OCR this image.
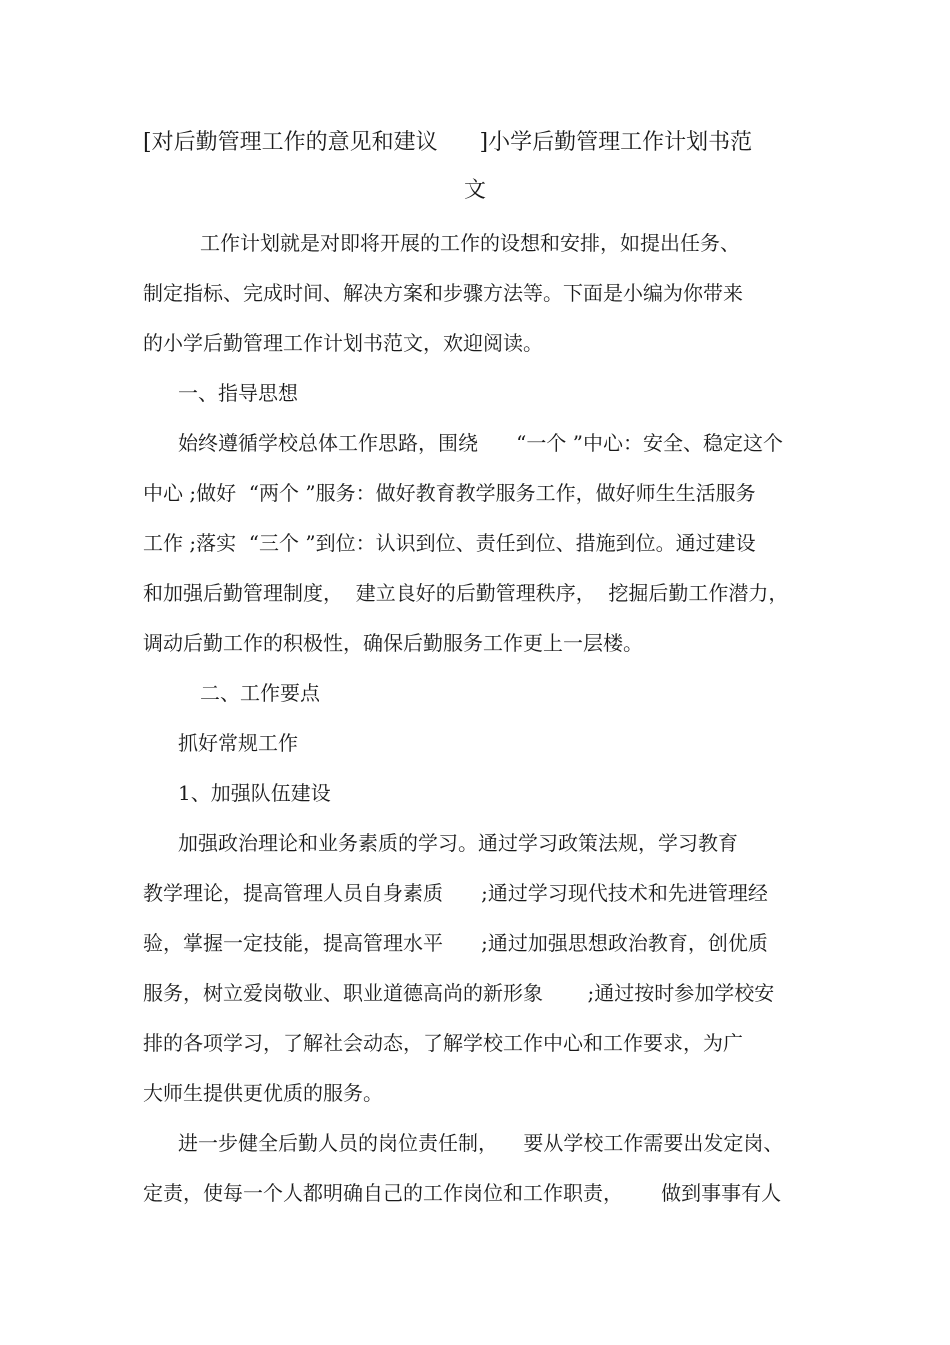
[对后勤管理工作的意见和建议      ]小学后勤管理工作计划书范
文
工作计划就是对即将开展的工作的设想和安排，如提出任务、
制定指标、完成时间、解决方案和步骤方法等。下面是小编为你带来
的小学后勤管理工作计划书范文，欢迎阅读。
一、指导思想
始终遵循学校总体工作思路，围绕      “一个 ”中心：安全、稳定这个
中心 ;做好  “两个 ”服务：做好教育教学服务工作，做好师生生活服务
工作 ;落实  “三个 ”到位：认识到位、责任到位、措施到位。通过建设
和加强后勤管理制度，  建立良好的后勤管理秩序，  挖掘后勤工作潜力，
调动后勤工作的积极性，确保后勤服务工作更上一层楼。
二、工作要点
抓好常规工作
1、加强队伍建设
加强政治理论和业务素质的学习。通过学习政策法规，学习教育
教学理论，提高管理人员自身素质      ;通过学习现代技术和先进管理经
验，掌握一定技能，提高管理水平      ;通过加强思想政治教育，创优质
服务，树立爱岗敬业、职业道德高尚的新形象       ;通过按时参加学校安
排的各项学习，了解社会动态，了解学校工作中心和工作要求，为广
大师生提供更优质的服务。
进一步健全后勤人员的岗位责任制，    要从学校工作需要出发定岗、
定责，使每一个人都明确自己的工作岗位和工作职责，      做到事事有人
